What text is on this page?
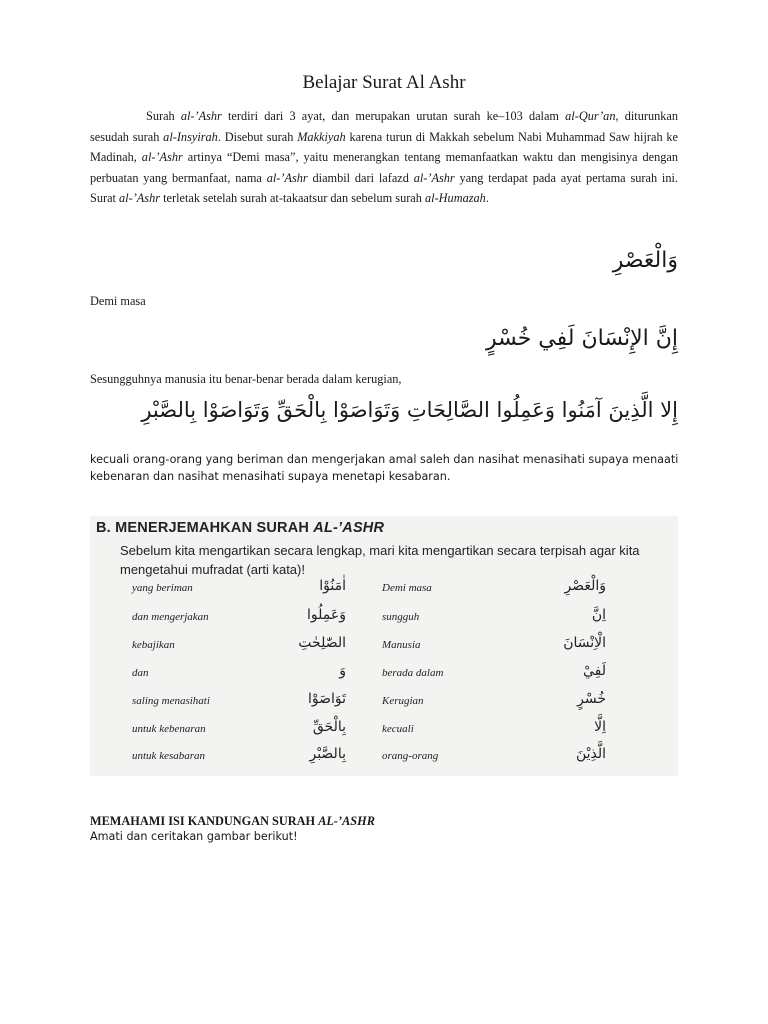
Belajar Surat Al Ashr

Surah al-’Ashr terdiri dari 3 ayat, dan merupakan urutan surah ke–103 dalam al-Qur’an, diturunkan sesudah surah al-Insyirah. Disebut surah Makkiyah karena turun di Makkah sebelum Nabi Muhammad Saw hijrah ke Madinah, al-’Ashr artinya “Demi masa”, yaitu menerangkan tentang memanfaatkan waktu dan mengisinya dengan perbuatan yang bermanfaat, nama al-’Ashr diambil dari lafazd al-’Ashr yang terdapat pada ayat pertama surah ini. Surat al-’Ashr terletak setelah surah at-takaatsur dan sebelum surah al-Humazah.

وَالْعَصْرِ

Demi masa

إِنَّ الإِنْسَانَ لَفِي خُسْرٍ

Sesungguhnya manusia itu benar-benar berada dalam kerugian,

إِلا الَّذِينَ آمَنُوا وَعَمِلُوا الصَّالِحَاتِ وَتَوَاصَوْا بِالْحَقِّ وَتَوَاصَوْا بِالصَّبْرِ

kecuali orang-orang yang beriman dan mengerjakan amal saleh dan nasihat menasihati supaya menaati kebenaran dan nasihat menasihati supaya menetapi kesabaran.

B. MENERJEMAHKAN SURAH AL-’ASHR
Sebelum kita mengartikan secara lengkap, mari kita mengartikan secara terpisah agar kita mengetahui mufradat (arti kata)!
yang beriman	اٰمَنُوْا	Demi masa	وَالْعَصْرِ
dan mengerjakan	وَعَمِلُوا	sungguh	اِنَّ
kebajikan	الصّٰلِحٰتِ	Manusia	الْاِنْسَانَ
dan	وَ	berada dalam	لَفِيْ
saling menasihati	تَوَاصَوْا	Kerugian	خُسْرٍ
untuk kebenaran	بِالْحَقِّ	kecuali	اِلَّا
untuk kesabaran	بِالصَّبْرِ	orang-orang	الَّذِيْنَ

MEMAHAMI ISI KANDUNGAN SURAH AL-’ASHR

Amati dan ceritakan gambar berikut!
